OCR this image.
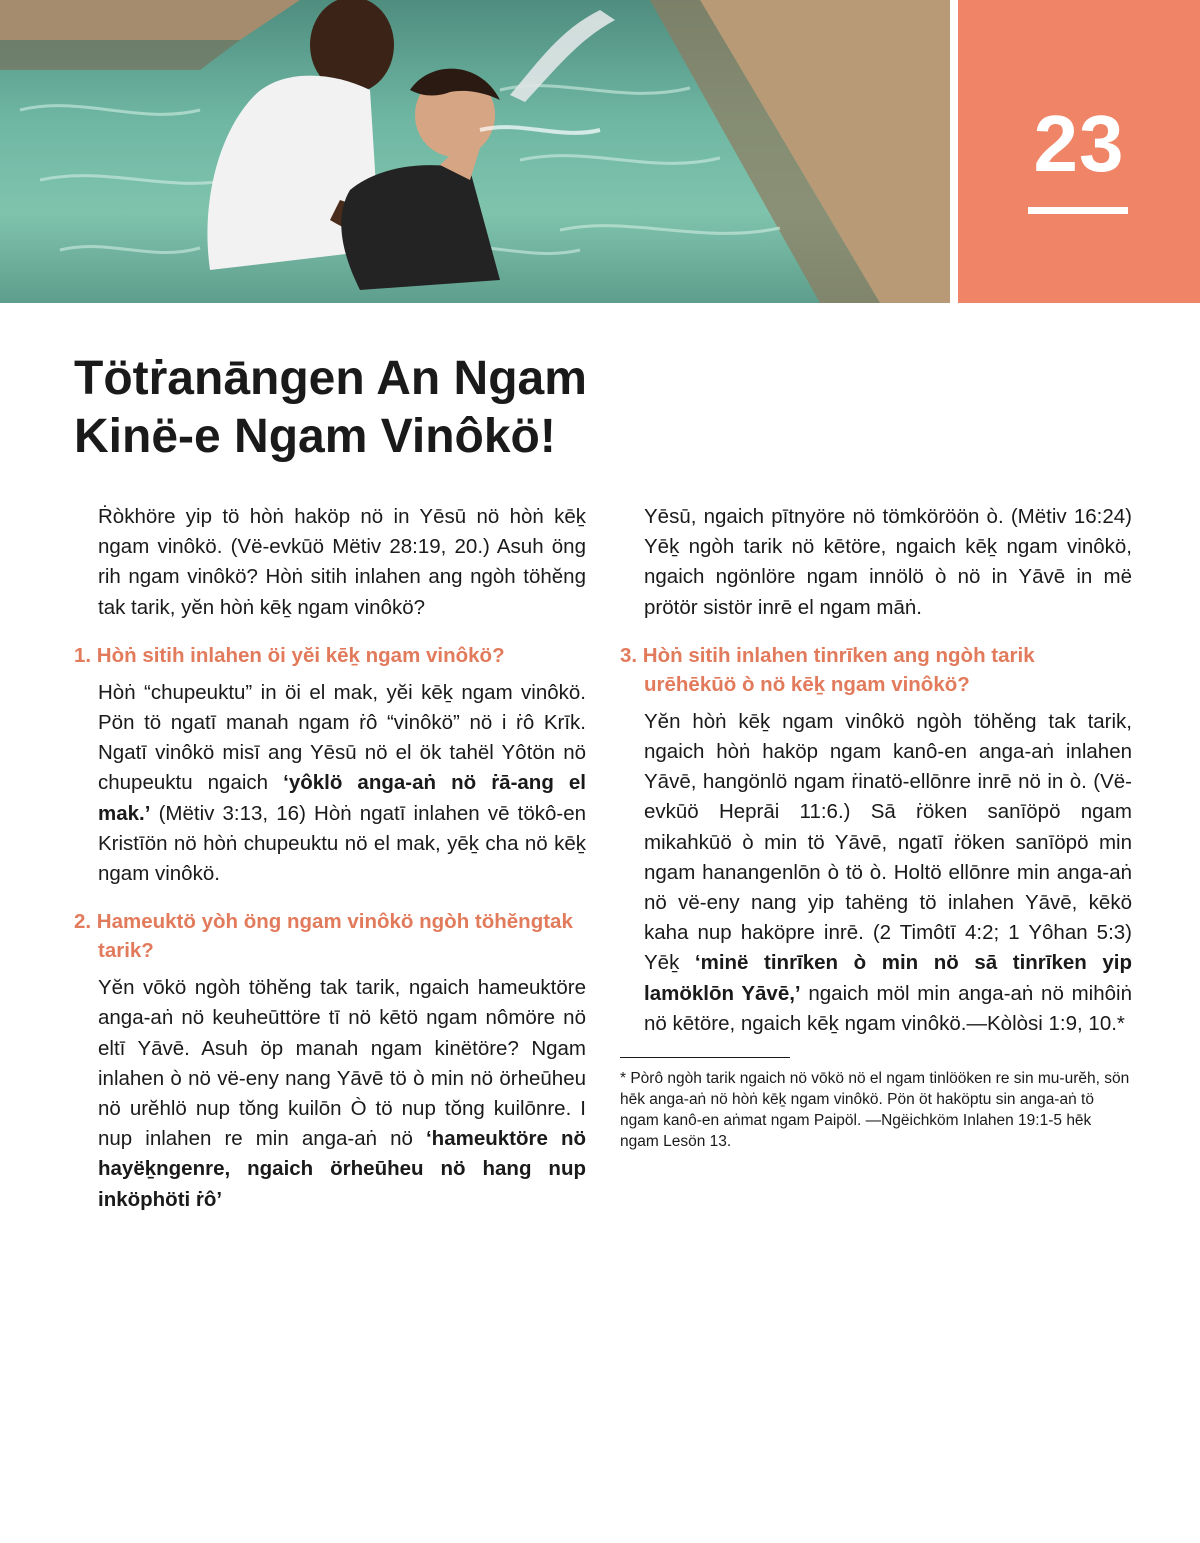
23
Tötṙanāngen An Ngam
Kinë-e Ngam Vinôkö!

Ṙòkhöre yip tö hòṅ haköp nö in Yēsū nö hòṅ kēḵ ngam vinôkö. (Vë-evkūö Mëtiv 28:19, 20.) Asuh öng rih ngam vinôkö? Hòṅ sitih inlahen ang ngòh töhĕng tak tarik, yĕn hòṅ kēḵ ngam vinôkö?

1. Hòṅ sitih inlahen öi yĕi kēḵ ngam vinôkö?

Hòṅ “chupeuktu” in öi el mak, yĕi kēḵ ngam vinôkö. Pön tö ngatī manah ngam ṙô “vinôkö” nö i ṙô Krīk. Ngatī vinôkö misī ang Yēsū nö el ök tahël Yôtön nö chupeuktu ngaich ‘yôklö anga-aṅ nö ṙā-ang el mak.’ (Mëtiv 3:13, 16) Hòṅ ngatī inlahen vē tökô-en Kristīön nö hòṅ chupeuktu nö el mak, yēḵ cha nö kēḵ ngam vinôkö.

2. Hameuktö yòh öng ngam vinôkö ngòh töhĕngtak tarik?

Yĕn vōkö ngòh töhĕng tak tarik, ngaich hameuktöre anga-aṅ nö keuheūttöre tī nö kētö ngam nômöre nö eltī Yāvē. Asuh öp manah ngam kinëtöre? Ngam inlahen ò nö vë-eny nang Yāvē tö ò min nö örheūheu nö urĕhlö nup tŏng kuilōn Ò tö nup tŏng kuilōnre. I nup inlahen re min anga-aṅ nö ‘hameuktöre nö hayëḵngenre, ngaich örheūheu nö hang nup inköphöti ṙô’

Yēsū, ngaich pītnyöre nö tömköröön ò. (Mëtiv 16:24) Yēḵ ngòh tarik nö kētöre, ngaich kēḵ ngam vinôkö, ngaich ngönlöre ngam innölö ò nö in Yāvē in më prötör sistör inrē el ngam māṅ.

3. Hòṅ sitih inlahen tinrīken ang ngòh tarik urēhēkūö ò nö kēḵ ngam vinôkö?

Yĕn hòṅ kēḵ ngam vinôkö ngòh töhĕng tak tarik, ngaich hòṅ haköp ngam kanô-en anga-aṅ inlahen Yāvē, hangönlö ngam ṙinatö-ellōnre inrē nö in ò. (Vë-evkūö Heprāi 11:6.) Sā ṙöken sanīöpö ngam mikahkūö ò min tö Yāvē, ngatī ṙöken sanīöpö min ngam hanangenlōn ò tö ò. Holtö ellōnre min anga-aṅ nö vë-eny nang yip tahëng tö inlahen Yāvē, kēkö kaha nup haköpre inrē. (2 Timôtī 4:2; 1 Yôhan 5:3) Yēḵ ‘minë tinrīken ò min nö sā tinrīken yip lamöklōn Yāvē,’ ngaich möl min anga-aṅ nö mihôiṅ nö kētöre, ngaich kēḵ ngam vinôkö.—Kòlòsi 1:9, 10.*

* Pòrô ngòh tarik ngaich nö vōkö nö el ngam tinlööken re sin mu-urĕh, sön hēk anga-aṅ nö hòṅ kēḵ ngam vinôkö. Pön öt haköptu sin anga-aṅ tö ngam kanô-en aṅmat ngam Paipöl. —Ngëichköm Inlahen 19:1-5 hēk ngam Lesön 13.
